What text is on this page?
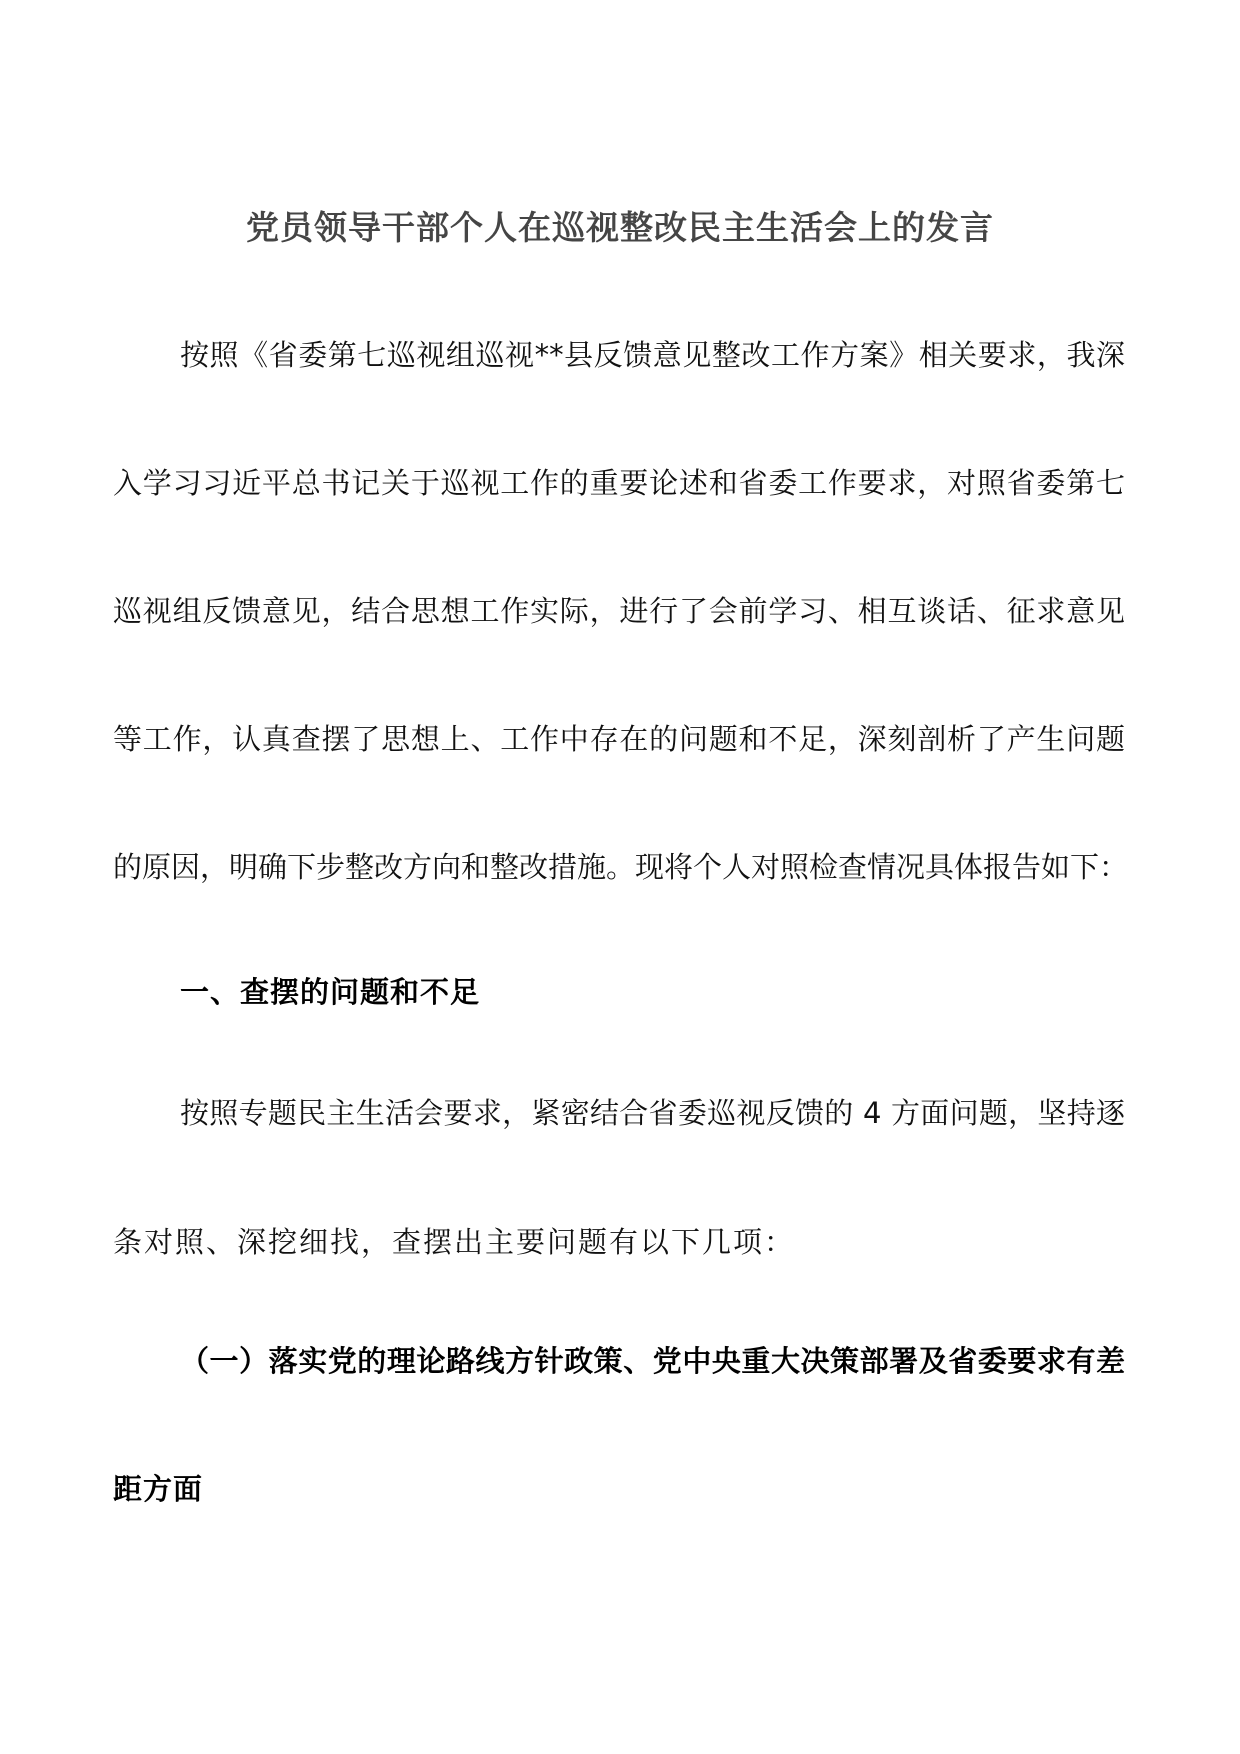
党员领导干部个人在巡视整改民主生活会上的发言
按照《省委第七巡视组巡视**县反馈意见整改工作方案》相关要求，我深
入学习习近平总书记关于巡视工作的重要论述和省委工作要求，对照省委第七
巡视组反馈意见，结合思想工作实际，进行了会前学习、相互谈话、征求意见
等工作，认真查摆了思想上、工作中存在的问题和不足，深刻剖析了产生问题
的原因，明确下步整改方向和整改措施。现将个人对照检查情况具体报告如下：
一、查摆的问题和不足
按照专题民主生活会要求，紧密结合省委巡视反馈的 4 方面问题，坚持逐
条对照、深挖细找，查摆出主要问题有以下几项：
（一）落实党的理论路线方针政策、党中央重大决策部署及省委要求有差
距方面
